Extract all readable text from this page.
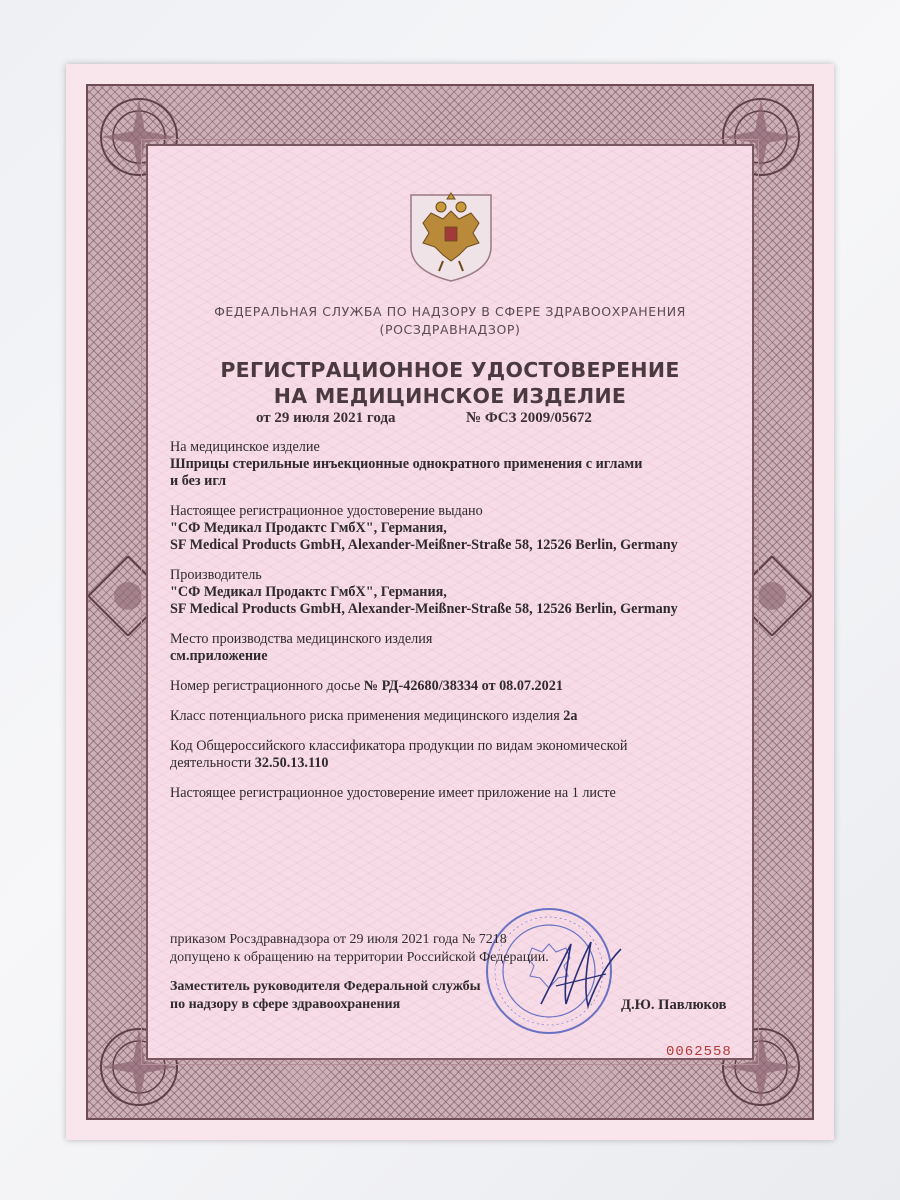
ФЕДЕРАЛЬНАЯ СЛУЖБА ПО НАДЗОРУ В СФЕРЕ ЗДРАВООХРАНЕНИЯ
(РОСЗДРАВНАДЗОР)
РЕГИСТРАЦИОННОЕ УДОСТОВЕРЕНИЕ
НА МЕДИЦИНСКОЕ ИЗДЕЛИЕ
от 29 июля 2021 года	№ ФСЗ 2009/05672
На медицинское изделие
Шприцы стерильные инъекционные однократного применения с иглами
и без игл
Настоящее регистрационное удостоверение выдано
"СФ Медикал Продактс ГмбХ", Германия,
SF Medical Products GmbH, Alexander-Meißner-Straße 58, 12526 Berlin, Germany
Производитель
"СФ Медикал Продактс ГмбХ", Германия,
SF Medical Products GmbH, Alexander-Meißner-Straße 58, 12526 Berlin, Germany
Место производства медицинского изделия
см.приложение
Номер регистрационного досье № РД-42680/38334 от 08.07.2021
Класс потенциального риска применения медицинского изделия 2а
Код Общероссийского классификатора продукции по видам экономической
деятельности 32.50.13.110
Настоящее регистрационное удостоверение имеет приложение на 1 листе
приказом Росздравнадзора от 29 июля 2021 года № 7218
допущено к обращению на территории Российской Федерации.
Заместитель руководителя Федеральной службы
по надзору в сфере здравоохранения	Д.Ю. Павлюков
0062558
